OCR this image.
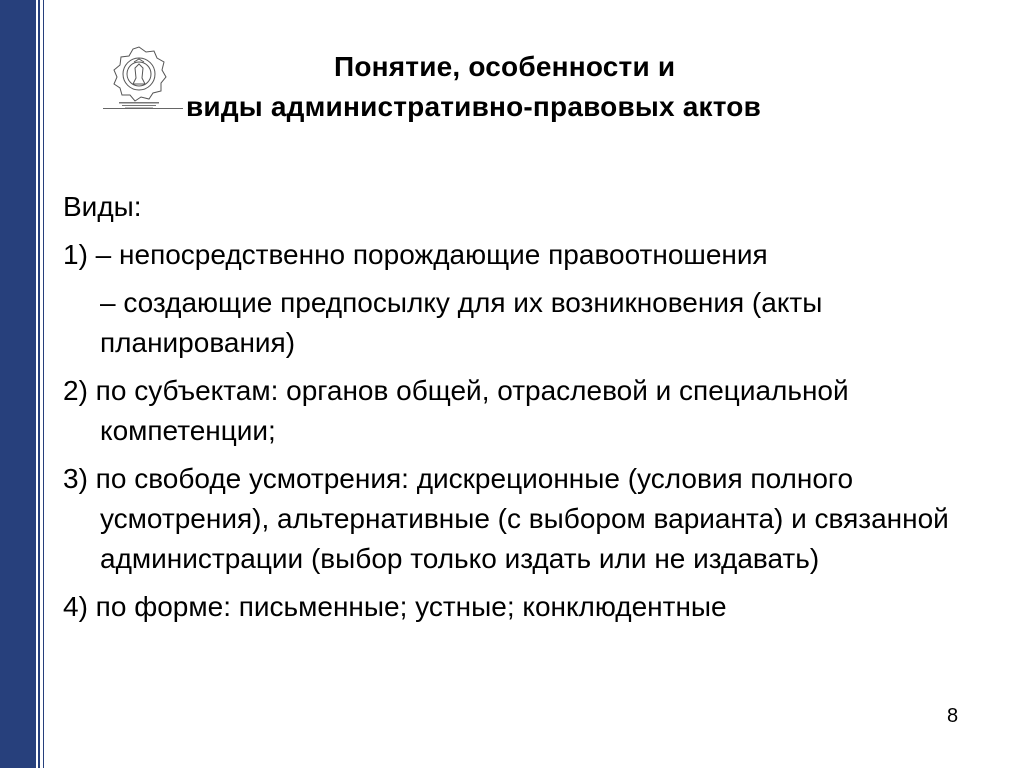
Понятие, особенности и
виды административно-правовых актов

Виды:

1) – непосредственно порождающие правоотношения

– создающие предпосылку для их возникновения (акты планирования)

2) по субъектам: органов общей, отраслевой и специальной компетенции;

3) по свободе усмотрения: дискреционные (условия полного усмотрения), альтернативные (с выбором варианта) и связанной администрации (выбор только издать или не издавать)

4) по форме: письменные; устные; конклюдентные

8
